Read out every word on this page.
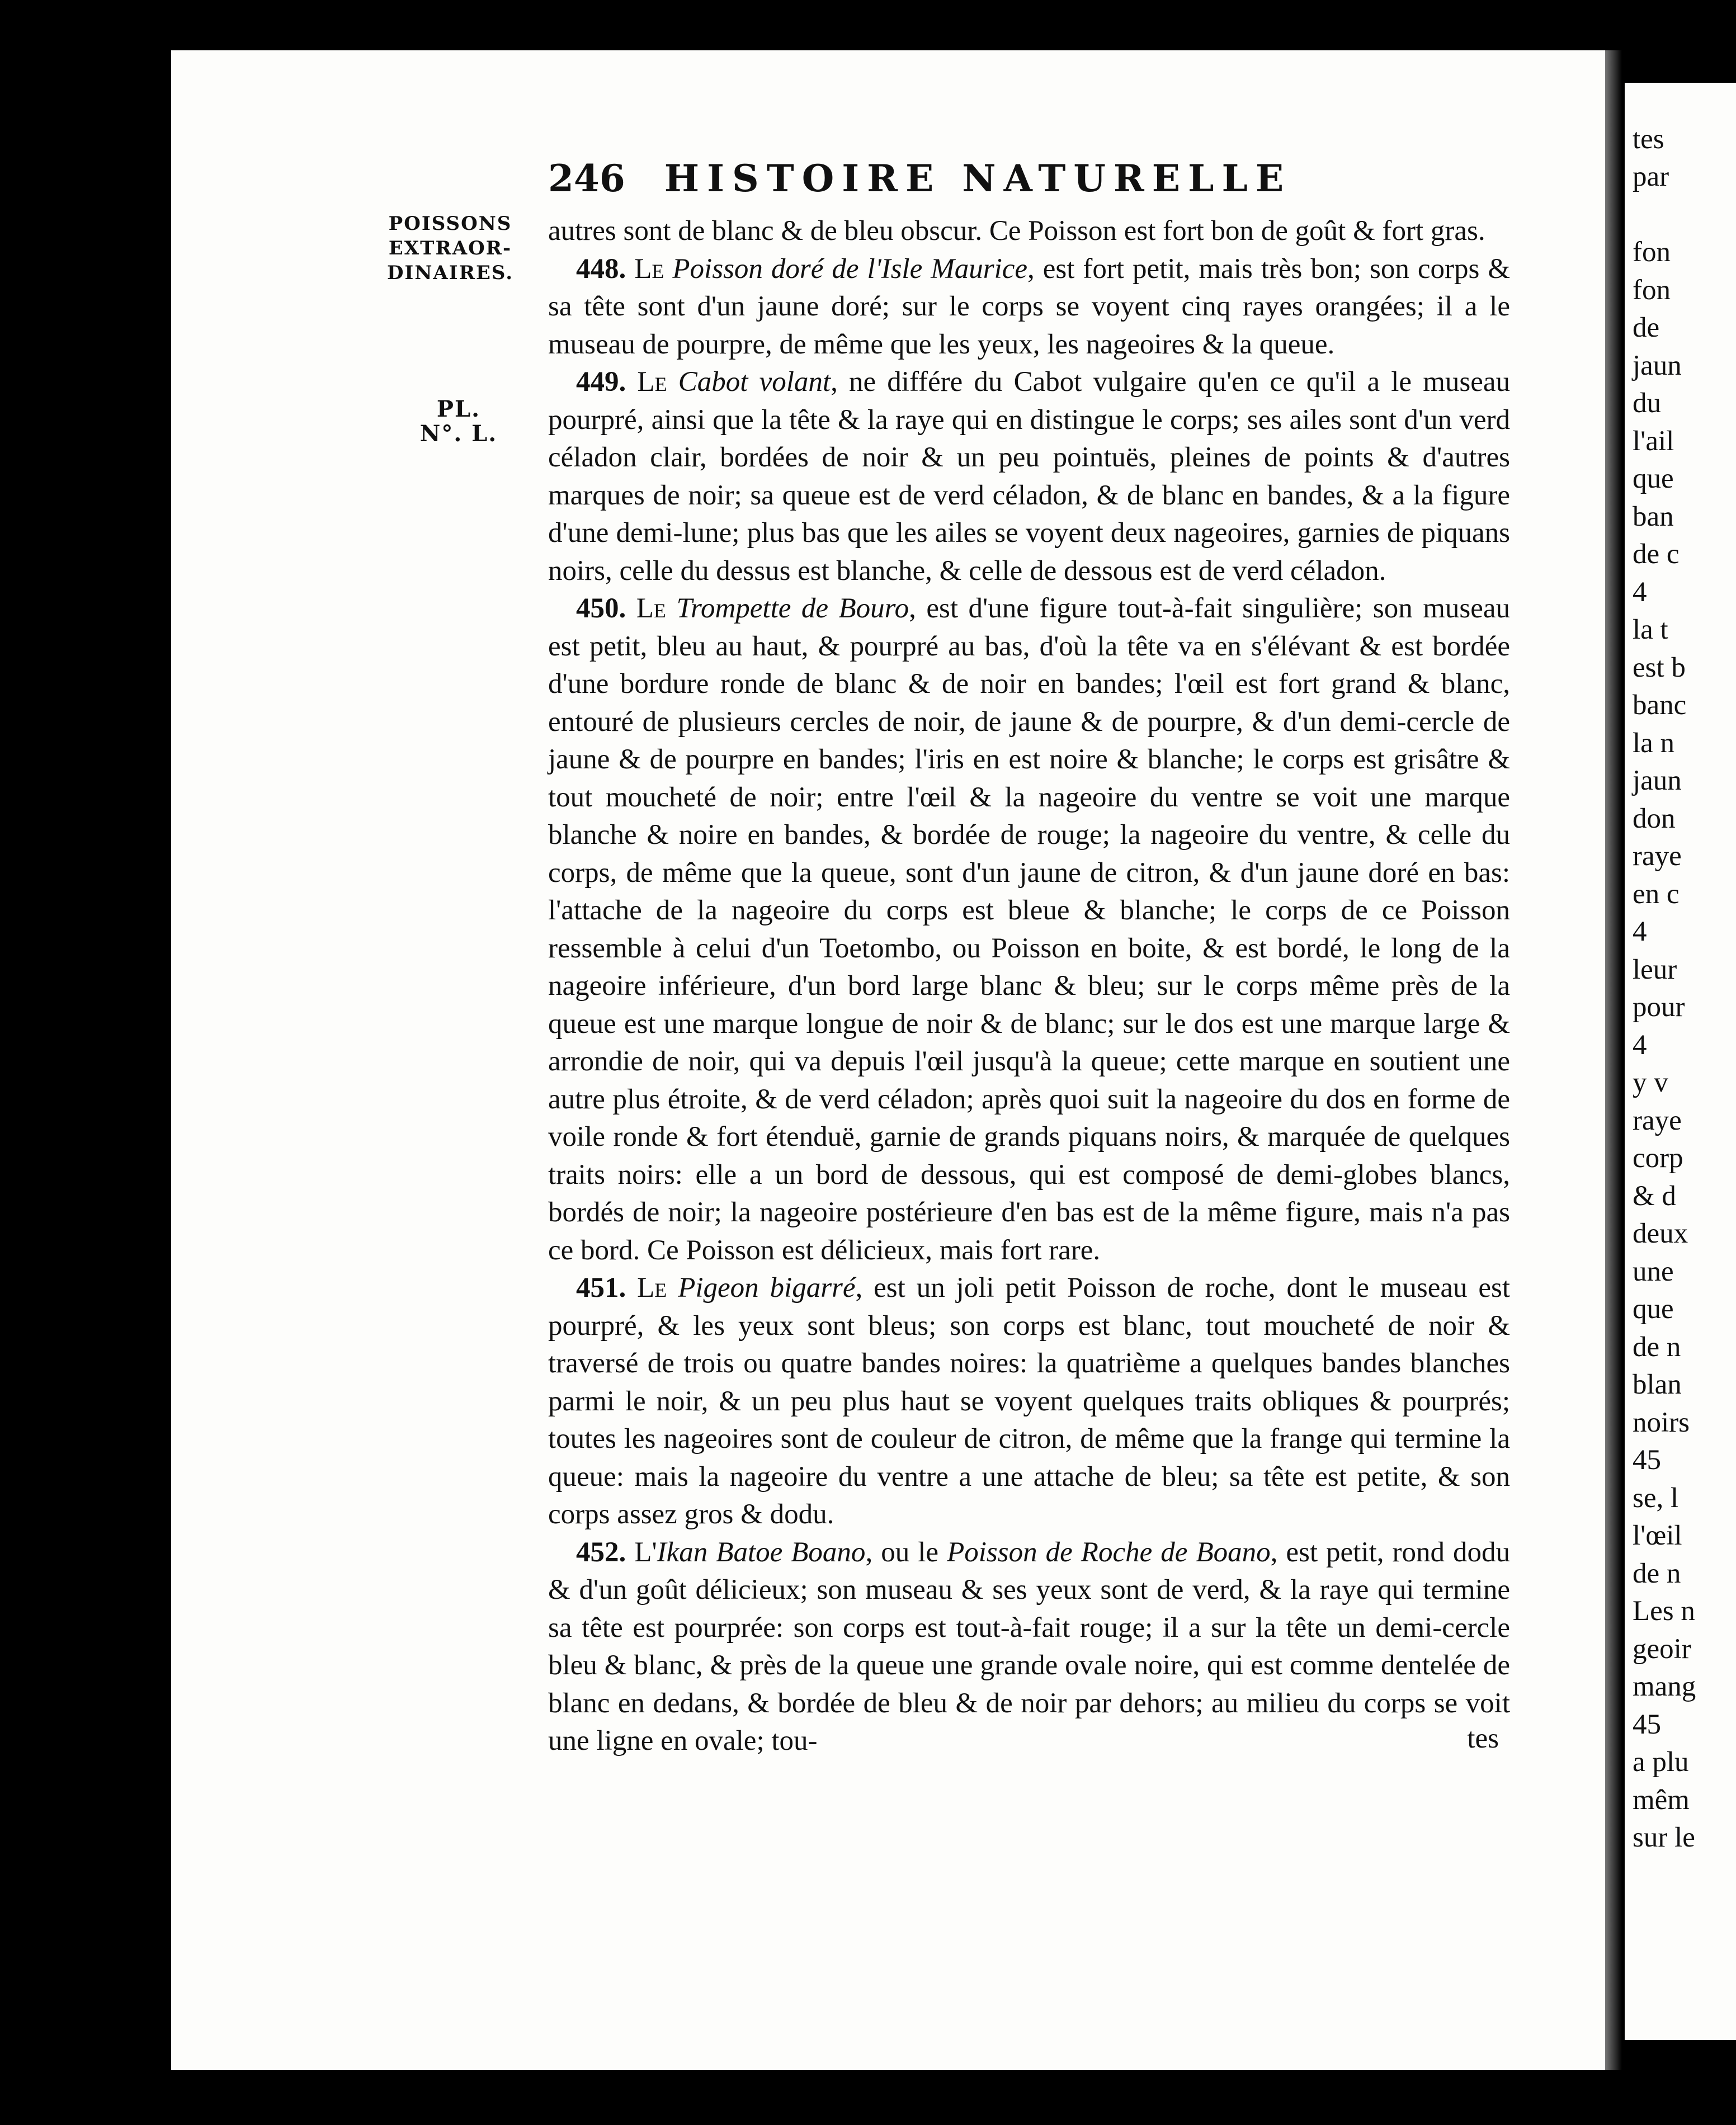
tes
par
fon
fon
de
jaun
du
l'ail
que
ban
de c
4
la t
est b
banc
la n
jaun
don
raye
en c
4
leur
pour
4
y v
raye
corp
& d
deux
une
que
de n
blan
noirs
45
se, l
l'œil
de n
Les n
geoir
mang
45
a plu
mêm
sur le
246 HISTOIRE NATURELLE
POISSONS EXTRAOR-DINAIRES.
PL. N°. L.

autres sont de blanc & de bleu obscur. Ce Poisson est fort bon de goût & fort gras.

448. Le Poisson doré de l'Isle Maurice, est fort petit, mais très bon; son corps & sa tête sont d'un jaune doré; sur le corps se voyent cinq rayes orangées; il a le museau de pourpre, de même que les yeux, les nageoires & la queue.

449. Le Cabot volant, ne différe du Cabot vulgaire qu'en ce qu'il a le museau pourpré, ainsi que la tête & la raye qui en distingue le corps; ses ailes sont d'un verd céladon clair, bordées de noir & un peu pointuës, pleines de points & d'autres marques de noir; sa queue est de verd céladon, & de blanc en bandes, & a la figure d'une demi-lune; plus bas que les ailes se voyent deux nageoires, garnies de piquans noirs, celle du dessus est blanche, & celle de dessous est de verd céladon.

450. Le Trompette de Bouro, est d'une figure tout-à-fait singulière; son museau est petit, bleu au haut, & pourpré au bas, d'où la tête va en s'élévant & est bordée d'une bordure ronde de blanc & de noir en bandes; l'œil est fort grand & blanc, entouré de plusieurs cercles de noir, de jaune & de pourpre, & d'un demi-cercle de jaune & de pourpre en bandes; l'iris en est noire & blanche; le corps est grisâtre & tout moucheté de noir; entre l'œil & la nageoire du ventre se voit une marque blanche & noire en bandes, & bordée de rouge; la nageoire du ventre, & celle du corps, de même que la queue, sont d'un jaune de citron, & d'un jaune doré en bas: l'attache de la nageoire du corps est bleue & blanche; le corps de ce Poisson ressemble à celui d'un Toetombo, ou Poisson en boite, & est bordé, le long de la nageoire inférieure, d'un bord large blanc & bleu; sur le corps même près de la queue est une marque longue de noir & de blanc; sur le dos est une marque large & arrondie de noir, qui va depuis l'œil jusqu'à la queue; cette marque en soutient une autre plus étroite, & de verd céladon; après quoi suit la nageoire du dos en forme de voile ronde & fort étenduë, garnie de grands piquans noirs, & marquée de quelques traits noirs: elle a un bord de dessous, qui est composé de demi-globes blancs, bordés de noir; la nageoire postérieure d'en bas est de la même figure, mais n'a pas ce bord. Ce Poisson est délicieux, mais fort rare.

451. Le Pigeon bigarré, est un joli petit Poisson de roche, dont le museau est pourpré, & les yeux sont bleus; son corps est blanc, tout moucheté de noir & traversé de trois ou quatre bandes noires: la quatrième a quelques bandes blanches parmi le noir, & un peu plus haut se voyent quelques traits obliques & pourprés; toutes les nageoires sont de couleur de citron, de même que la frange qui termine la queue: mais la nageoire du ventre a une attache de bleu; sa tête est petite, & son corps assez gros & dodu.

452. L'Ikan Batoe Boano, ou le Poisson de Roche de Boano, est petit, rond dodu & d'un goût délicieux; son museau & ses yeux sont de verd, & la raye qui termine sa tête est pourprée: son corps est tout-à-fait rouge; il a sur la tête un demi-cercle bleu & blanc, & près de la queue une grande ovale noire, qui est comme dentelée de blanc en dedans, & bordée de bleu & de noir par dehors; au milieu du corps se voit une ligne en ovale; tou-	tes
